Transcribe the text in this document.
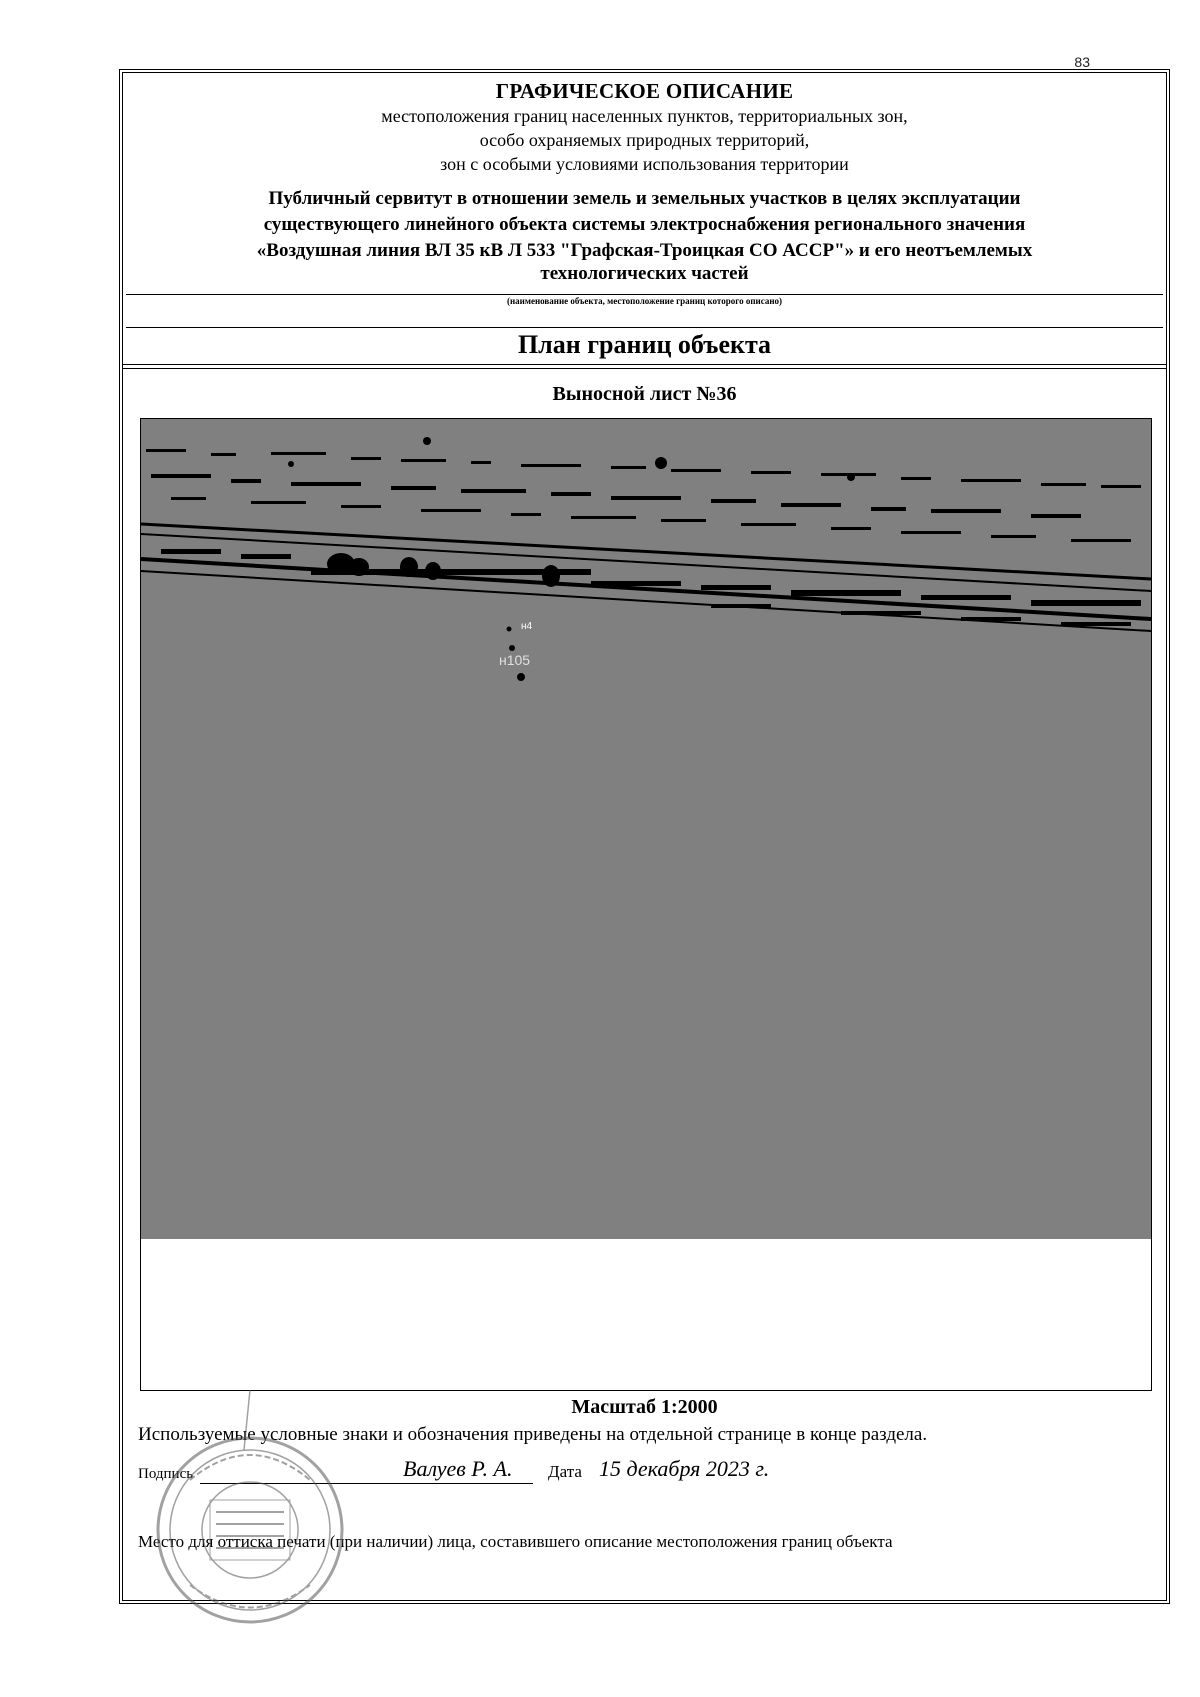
83
ГРАФИЧЕСКОЕ ОПИСАНИЕ
местоположения границ населенных пунктов, территориальных зон,
особо охраняемых природных территорий,
зон с особыми условиями использования территории
Публичный сервитут в отношении земель и земельных участков в целях эксплуатации
существующего линейного объекта системы электроснабжения регионального значения
«Воздушная линия ВЛ 35 кВ Л 533 "Графская-Троицкая СО АССР"» и его неотъемлемых
технологических частей
(наименование объекта, местоположение границ которого описано)
План границ объекта
Выносной лист №36
н4
н105
Масштаб 1:2000
Используемые условные знаки и обозначения приведены на отдельной странице в конце раздела.
Подпись	Валуев Р. А. Дата 15 декабря 2023 г.
Место для оттиска печати (при наличии) лица, составившего описание местоположения границ объекта
